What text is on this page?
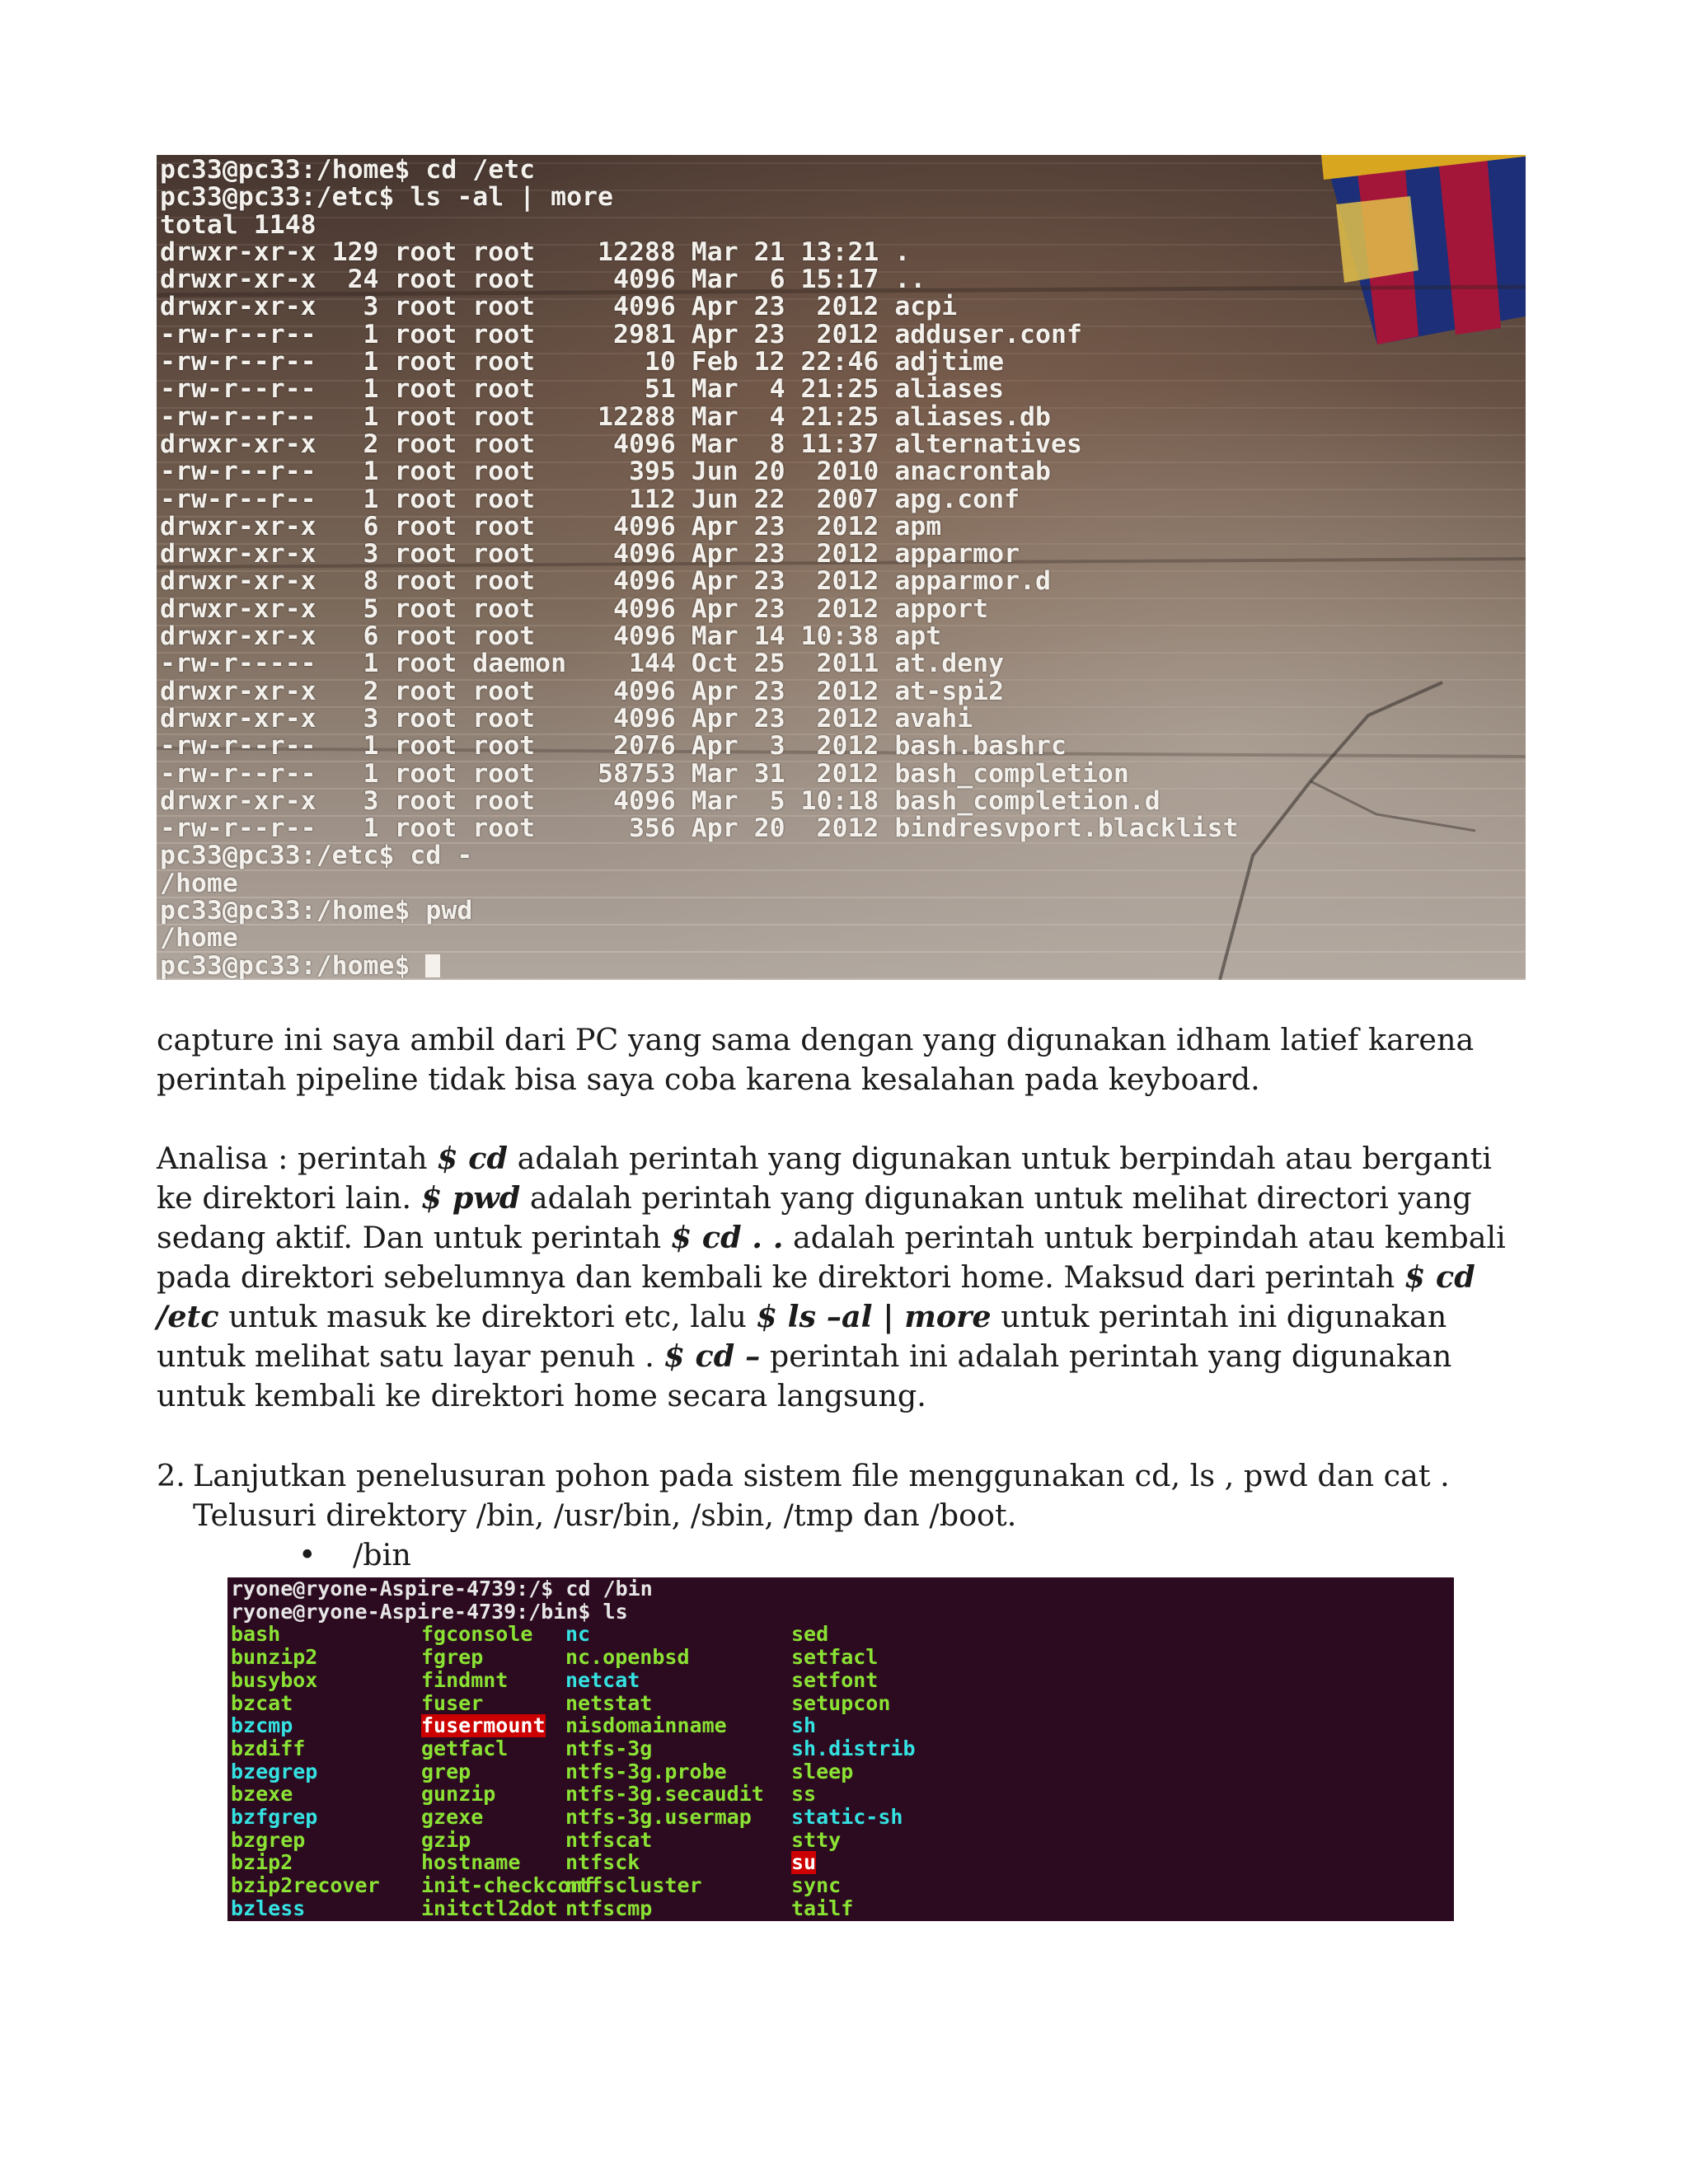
pc33@pc33:/home$ cd /etc
pc33@pc33:/etc$ ls -al | more
total 1148
drwxr-xr-x 129 root root    12288 Mar 21 13:21 .
drwxr-xr-x  24 root root     4096 Mar  6 15:17 ..
drwxr-xr-x   3 root root     4096 Apr 23  2012 acpi
-rw-r--r--   1 root root     2981 Apr 23  2012 adduser.conf
-rw-r--r--   1 root root       10 Feb 12 22:46 adjtime
-rw-r--r--   1 root root       51 Mar  4 21:25 aliases
-rw-r--r--   1 root root    12288 Mar  4 21:25 aliases.db
drwxr-xr-x   2 root root     4096 Mar  8 11:37 alternatives
-rw-r--r--   1 root root      395 Jun 20  2010 anacrontab
-rw-r--r--   1 root root      112 Jun 22  2007 apg.conf
drwxr-xr-x   6 root root     4096 Apr 23  2012 apm
drwxr-xr-x   3 root root     4096 Apr 23  2012 apparmor
drwxr-xr-x   8 root root     4096 Apr 23  2012 apparmor.d
drwxr-xr-x   5 root root     4096 Apr 23  2012 apport
drwxr-xr-x   6 root root     4096 Mar 14 10:38 apt
-rw-r-----   1 root daemon    144 Oct 25  2011 at.deny
drwxr-xr-x   2 root root     4096 Apr 23  2012 at-spi2
drwxr-xr-x   3 root root     4096 Apr 23  2012 avahi
-rw-r--r--   1 root root     2076 Apr  3  2012 bash.bashrc
-rw-r--r--   1 root root    58753 Mar 31  2012 bash_completion
drwxr-xr-x   3 root root     4096 Mar  5 10:18 bash_completion.d
-rw-r--r--   1 root root      356 Apr 20  2012 bindresvport.blacklist
pc33@pc33:/etc$ cd -
/home
pc33@pc33:/home$ pwd
/home
pc33@pc33:/home$

capture ini saya ambil dari PC yang sama dengan yang digunakan idham latief karena perintah pipeline tidak bisa saya coba karena kesalahan pada keyboard.

Analisa : perintah $ cd adalah perintah yang digunakan untuk berpindah atau berganti ke direktori lain. $ pwd adalah perintah yang digunakan untuk melihat directori yang sedang aktif. Dan untuk perintah $ cd . . adalah perintah untuk berpindah atau kembali pada direktori sebelumnya dan kembali ke direktori home. Maksud dari perintah $ cd /etc untuk masuk ke direktori etc, lalu $ ls –al | more untuk perintah ini digunakan untuk melihat satu layar penuh . $ cd – perintah ini adalah perintah yang digunakan untuk kembali ke direktori home secara langsung.

2. Lanjutkan penelusuran pohon pada sistem file menggunakan cd, ls , pwd dan cat . Telusuri direktory /bin, /usr/bin, /sbin, /tmp dan /boot.
• /bin
ryone@ryone-Aspire-4739:/$ cd /bin
ryone@ryone-Aspire-4739:/bin$ ls
bash
bunzip2
busybox
bzcat
bzcmp
bzdiff
bzegrep
bzexe
bzfgrep
bzgrep
bzip2
bzip2recover
bzless
fgconsole
fgrep
findmnt
fuser
fusermount
getfacl
grep
gunzip
gzexe
gzip
hostname
init-checkconf
initctl2dot
nc
nc.openbsd
netcat
netstat
nisdomainname
ntfs-3g
ntfs-3g.probe
ntfs-3g.secaudit
ntfs-3g.usermap
ntfscat
ntfsck
ntfscluster
ntfscmp
sed
setfacl
setfont
setupcon
sh
sh.distrib
sleep
ss
static-sh
stty
su
sync
tailf
